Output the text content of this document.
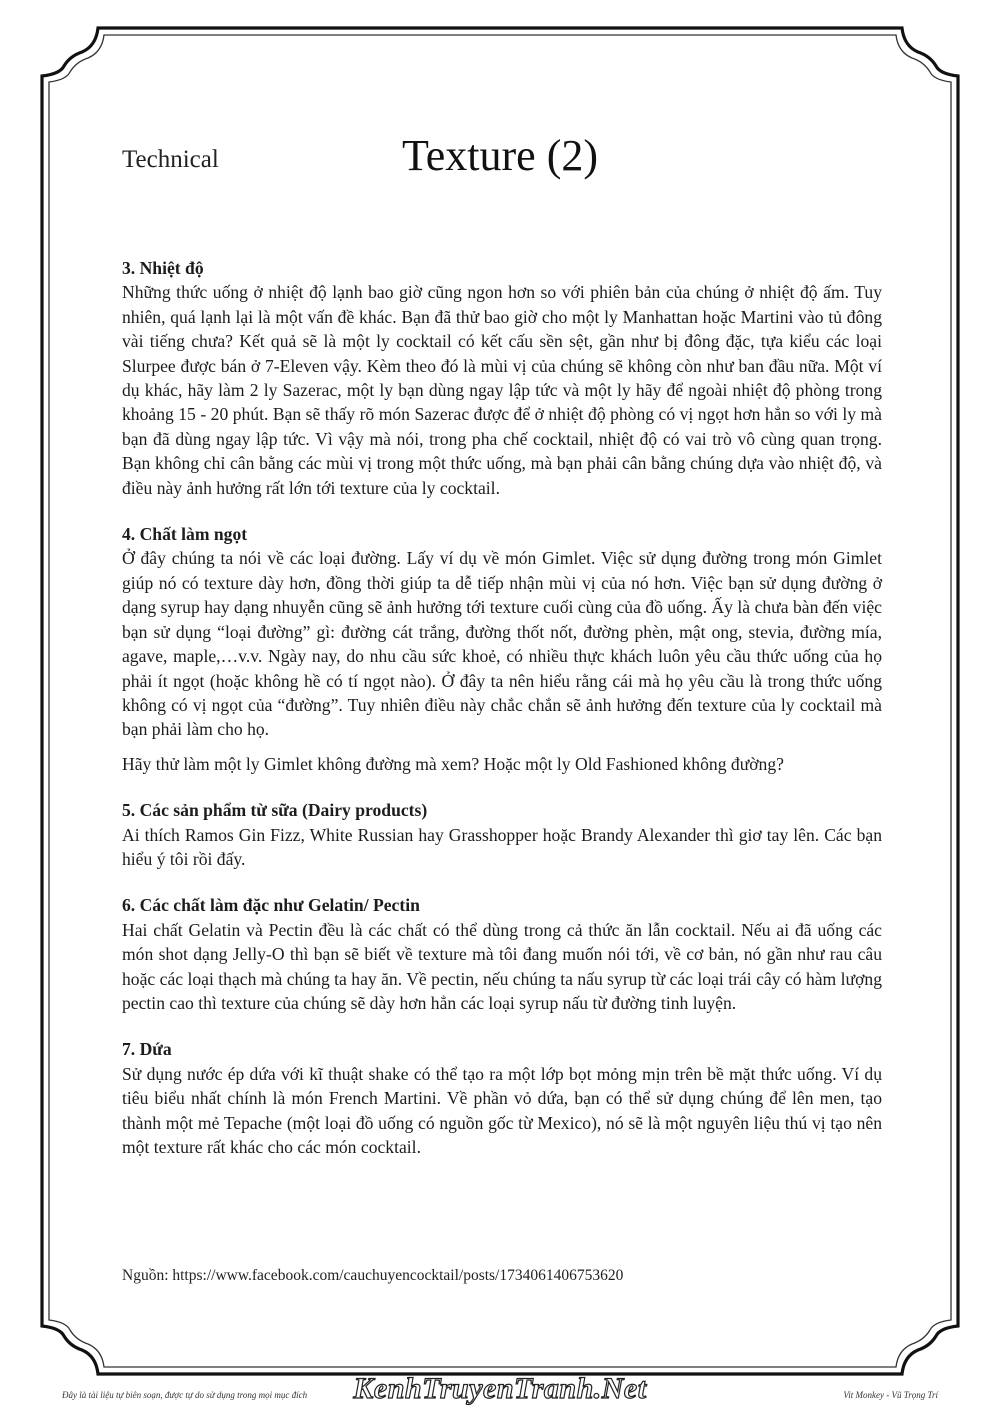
Technical	Texture (2)
3. Nhiệt độ

Những thức uống ở nhiệt độ lạnh bao giờ cũng ngon hơn so với phiên bản của chúng ở nhiệt độ ấm. Tuy nhiên, quá lạnh lại là một vấn đề khác. Bạn đã thử bao giờ cho một ly Manhattan hoặc Martini vào tủ đông vài tiếng chưa? Kết quả sẽ là một ly cocktail có kết cấu sền sệt, gần như bị đông đặc, tựa kiểu các loại Slurpee được bán ở 7-Eleven vậy. Kèm theo đó là mùi vị của chúng sẽ không còn như ban đầu nữa. Một ví dụ khác, hãy làm 2 ly Sazerac, một ly bạn dùng ngay lập tức và một ly hãy để ngoài nhiệt độ phòng trong khoảng 15 - 20 phút. Bạn sẽ thấy rõ món Sazerac được để ở nhiệt độ phòng có vị ngọt hơn hẳn so với ly mà bạn đã dùng ngay lập tức. Vì vậy mà nói, trong pha chế cocktail, nhiệt độ có vai trò vô cùng quan trọng. Bạn không chỉ cân bằng các mùi vị trong một thức uống, mà bạn phải cân bằng chúng dựa vào nhiệt độ, và điều này ảnh hưởng rất lớn tới texture của ly cocktail.

4. Chất làm ngọt

Ở đây chúng ta nói về các loại đường. Lấy ví dụ về món Gimlet. Việc sử dụng đường trong món Gimlet giúp nó có texture dày hơn, đồng thời giúp ta dễ tiếp nhận mùi vị của nó hơn. Việc bạn sử dụng đường ở dạng syrup hay dạng nhuyễn cũng sẽ ảnh hưởng tới texture cuối cùng của đồ uống. Ấy là chưa bàn đến việc bạn sử dụng “loại đường” gì: đường cát trắng, đường thốt nốt, đường phèn, mật ong, stevia, đường mía, agave, maple,…v.v. Ngày nay, do nhu cầu sức khoẻ, có nhiều thực khách luôn yêu cầu thức uống của họ phải ít ngọt (hoặc không hề có tí ngọt nào). Ở đây ta nên hiểu rằng cái mà họ yêu cầu là trong thức uống không có vị ngọt của “đường”. Tuy nhiên điều này chắc chắn sẽ ảnh hưởng đến texture của ly cocktail mà bạn phải làm cho họ.

Hãy thử làm một ly Gimlet không đường mà xem? Hoặc một ly Old Fashioned không đường?

5. Các sản phẩm từ sữa (Dairy products)

Ai thích Ramos Gin Fizz, White Russian hay Grasshopper hoặc Brandy Alexander thì giơ tay lên. Các bạn hiểu ý tôi rồi đấy.

6. Các chất làm đặc như Gelatin/ Pectin

Hai chất Gelatin và Pectin đều là các chất có thể dùng trong cả thức ăn lẫn cocktail. Nếu ai đã uống các món shot dạng Jelly-O thì bạn sẽ biết về texture mà tôi đang muốn nói tới, về cơ bản, nó gần như rau câu hoặc các loại thạch mà chúng ta hay ăn. Về pectin, nếu chúng ta nấu syrup từ các loại trái cây có hàm lượng pectin cao thì texture của chúng sẽ dày hơn hẳn các loại syrup nấu từ đường tinh luyện.

7. Dứa

Sử dụng nước ép dứa với kĩ thuật shake có thể tạo ra một lớp bọt mỏng mịn trên bề mặt thức uống. Ví dụ tiêu biểu nhất chính là món French Martini. Về phần vỏ dứa, bạn có thể sử dụng chúng để lên men, tạo thành một mẻ Tepache (một loại đồ uống có nguồn gốc từ Mexico), nó sẽ là một nguyên liệu thú vị tạo nên một texture rất khác cho các món cocktail.

Nguồn: https://www.facebook.com/cauchuyencocktail/posts/1734061406753620
Đây là tài liệu tự biên soạn, được tự do sử dụng trong mọi mục đích KenhTruyenTranh.Net	Vit Monkey - Vũ Trọng Trí
